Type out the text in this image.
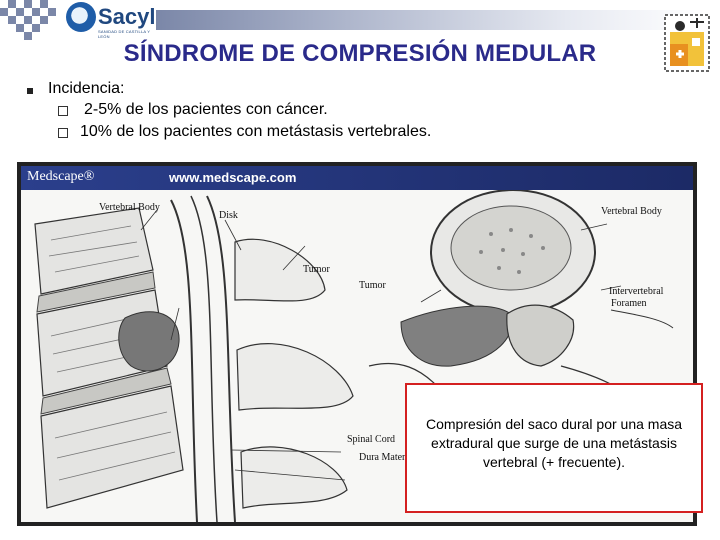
Sacyl
SANIDAD DE CASTILLA Y LEÓN
SÍNDROME DE COMPRESIÓN MEDULAR
Incidencia:
2-5% de los pacientes con cáncer.
10% de los pacientes con metástasis vertebrales.
Medscape®	www.medscape.com
Vertebral Body
Disk
Tumor
Vertebral Body
Tumor
Intervertebral
Foramen
Spinal Cord
Dura Mater
Compresión del saco dural por una masa extradural que surge de una metástasis vertebral (+ frecuente).
